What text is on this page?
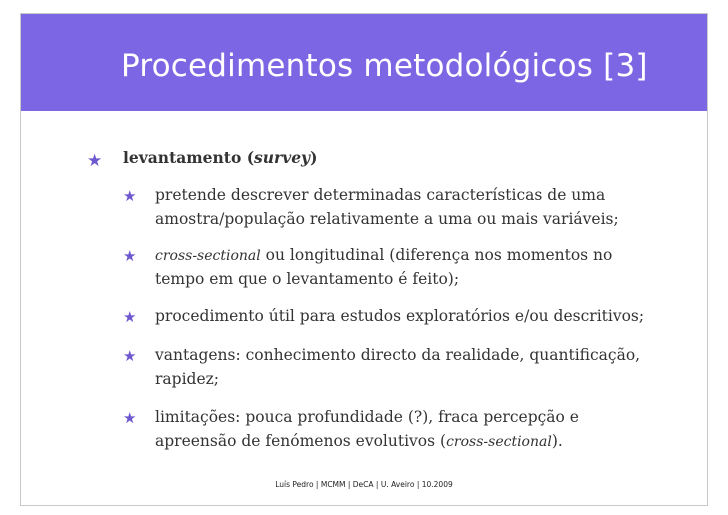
Procedimentos metodológicos [3]
★ levantamento (survey)
★ pretende descrever determinadas características de uma
amostra/população relativamente a uma ou mais variáveis;
★ cross-sectional ou longitudinal (diferença nos momentos no
tempo em que o levantamento é feito);
★ procedimento útil para estudos exploratórios e/ou descritivos;
★ vantagens: conhecimento directo da realidade, quantificação,
rapidez;
★ limitações: pouca profundidade (?), fraca percepção e
apreensão de fenómenos evolutivos (cross-sectional).
Luís Pedro | MCMM | DeCA | U. Aveiro | 10.2009
